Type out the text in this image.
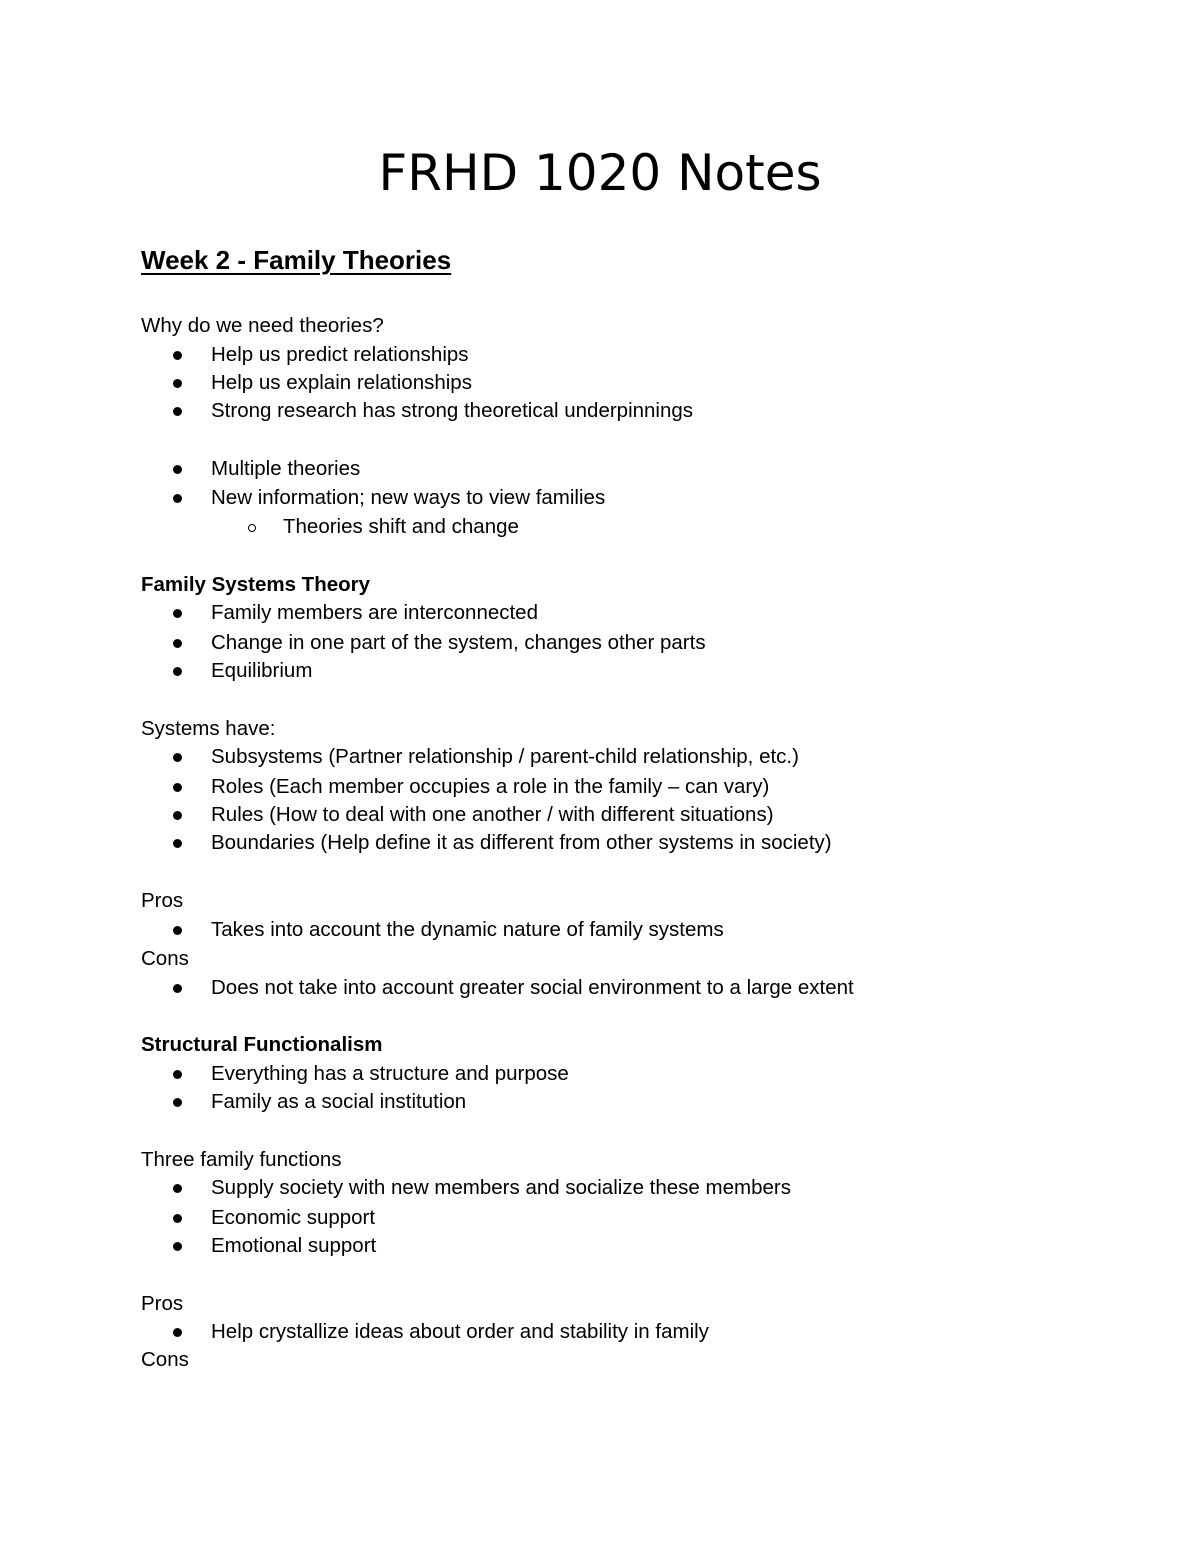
FRHD 1020 Notes
Week 2 - Family Theories
Why do we need theories?
Help us predict relationships
Help us explain relationships
Strong research has strong theoretical underpinnings
Multiple theories
New information; new ways to view families
Theories shift and change
Family Systems Theory
Family members are interconnected
Change in one part of the system, changes other parts
Equilibrium
Systems have:
Subsystems (Partner relationship / parent-child relationship, etc.)
Roles (Each member occupies a role in the family – can vary)
Rules (How to deal with one another / with different situations)
Boundaries (Help define it as different from other systems in society)
Pros
Takes into account the dynamic nature of family systems
Cons
Does not take into account greater social environment to a large extent
Structural Functionalism
Everything has a structure and purpose
Family as a social institution
Three family functions
Supply society with new members and socialize these members
Economic support
Emotional support
Pros
Help crystallize ideas about order and stability in family
Cons
